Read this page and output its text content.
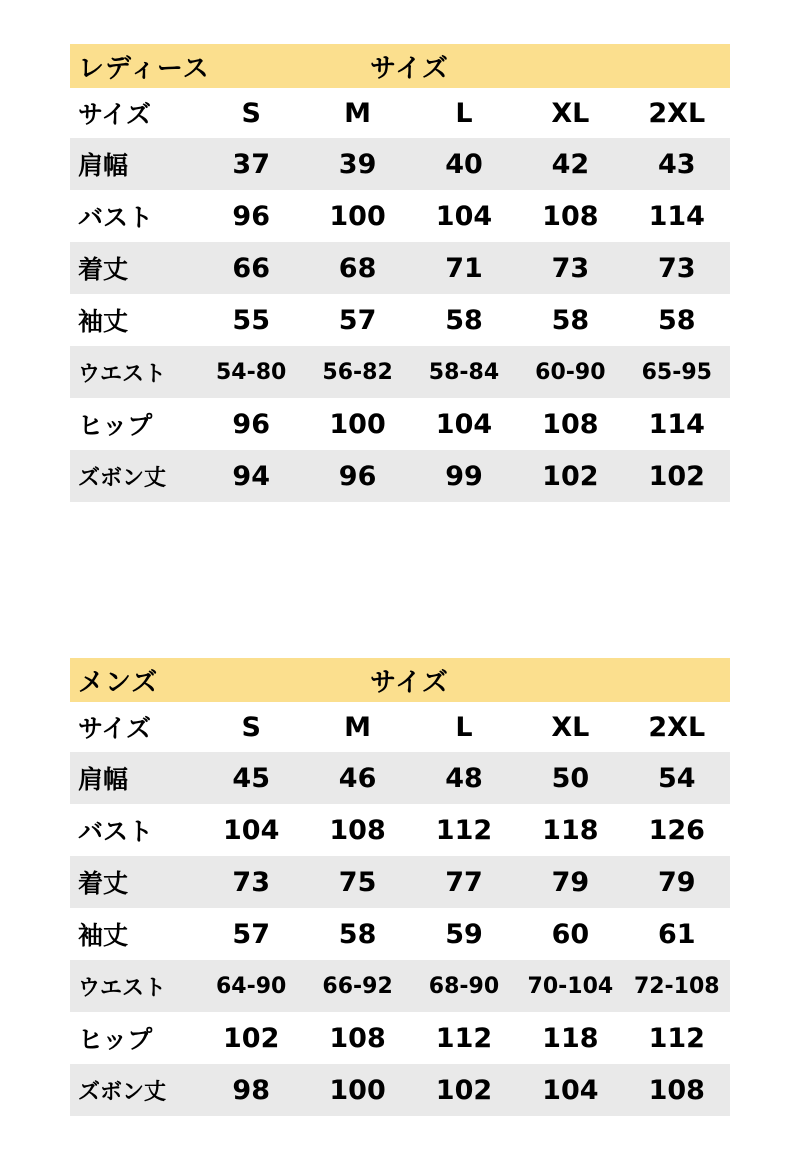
レディース	サイズ
サイズ	S	M	L	XL	2XL
肩幅	37	39	40	42	43
バスト	96	100	104	108	114
着丈	66	68	71	73	73
袖丈	55	57	58	58	58
ウエスト	54-80	56-82	58-84	60-90	65-95
ヒップ	96	100	104	108	114
ズボン丈	94	96	99	102	102
メンズ	サイズ
サイズ	S	M	L	XL	2XL
肩幅	45	46	48	50	54
バスト	104	108	112	118	126
着丈	73	75	77	79	79
袖丈	57	58	59	60	61
ウエスト	64-90	66-92	68-90	70-104	72-108
ヒップ	102	108	112	118	112
ズボン丈	98	100	102	104	108
